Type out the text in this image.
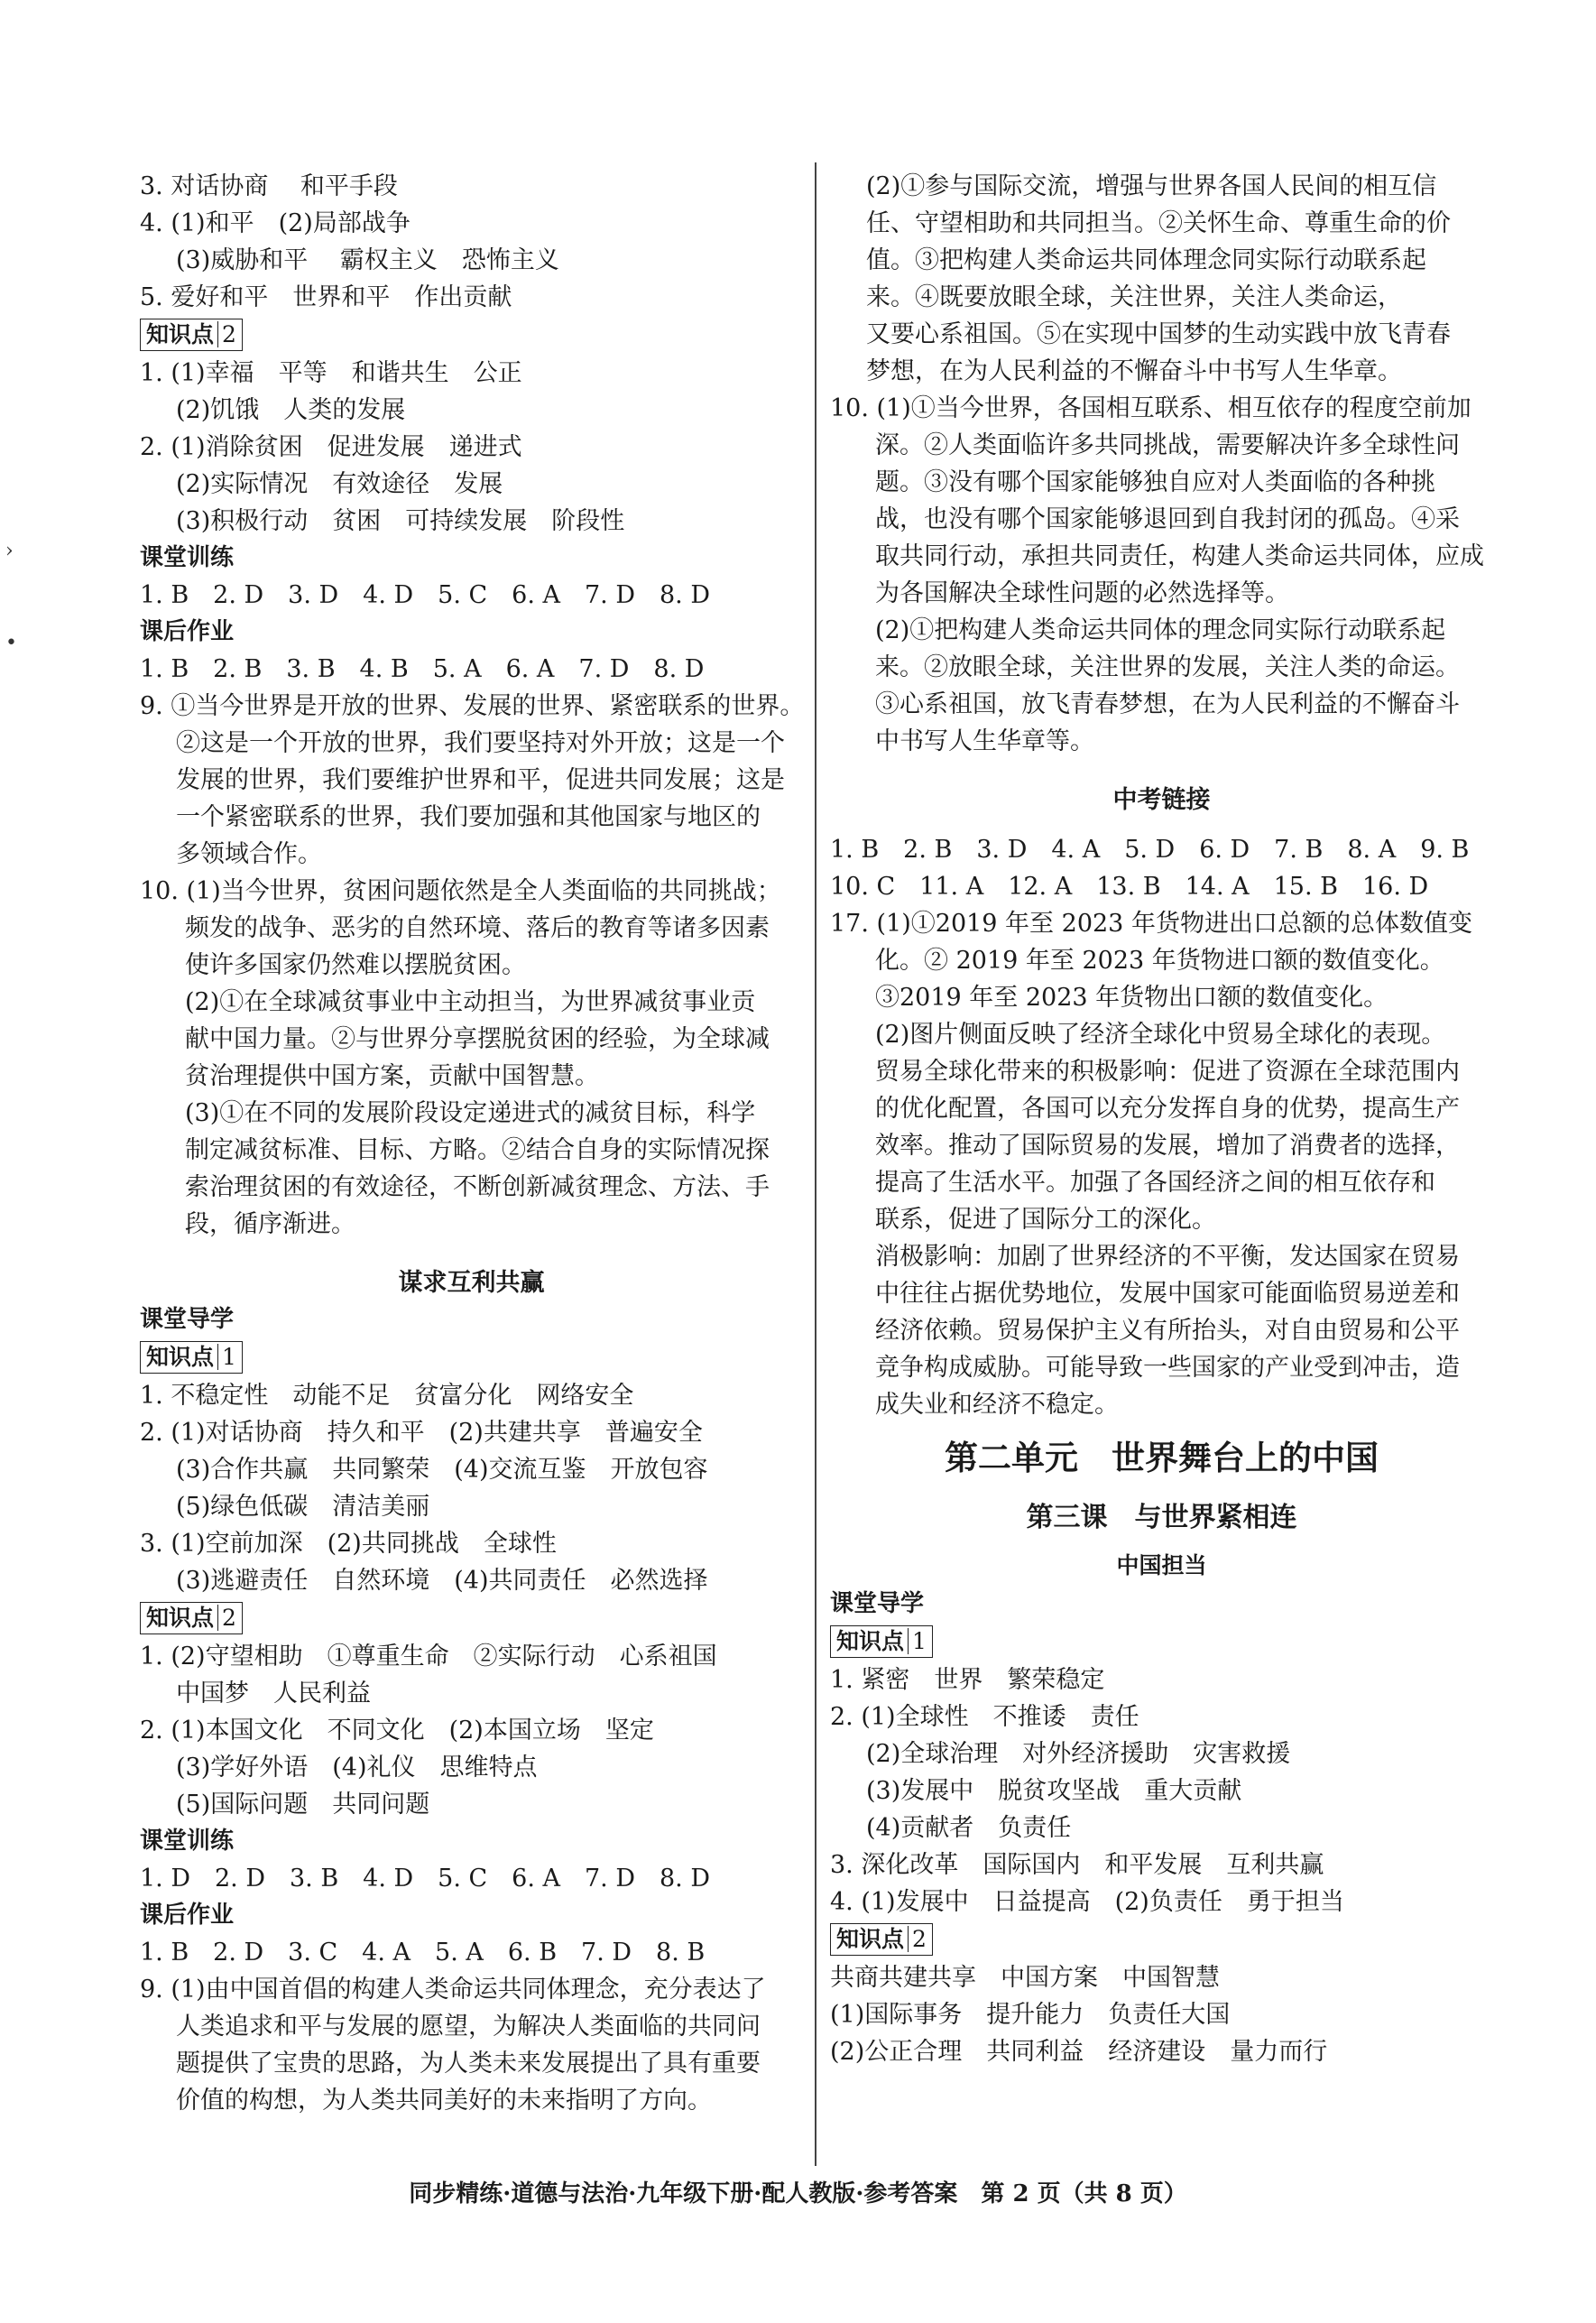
›
•
3. 对话协商　 和平手段
4. (1)和平　(2)局部战争
(3)威胁和平　 霸权主义　恐怖主义
5. 爱好和平　世界和平　作出贡献
知识点 2
1. (1)幸福　平等　和谐共生　公正
(2)饥饿　人类的发展
2. (1)消除贫困　促进发展　递进式
(2)实际情况　有效途径　发展
(3)积极行动　贫困　可持续发展　阶段性
课堂训练
1. B　2. D　3. D　4. D　5. C　6. A　7. D　8. D
课后作业
1. B　2. B　3. B　4. B　5. A　6. A　7. D　8. D
9. ①当今世界是开放的世界、发展的世界、紧密联系的世界。
②这是一个开放的世界，我们要坚持对外开放；这是一个
发展的世界，我们要维护世界和平，促进共同发展；这是
一个紧密联系的世界，我们要加强和其他国家与地区的
多领域合作。
10. (1)当今世界，贫困问题依然是全人类面临的共同挑战；
频发的战争、恶劣的自然环境、落后的教育等诸多因素
使许多国家仍然难以摆脱贫困。
(2)①在全球减贫事业中主动担当，为世界减贫事业贡
献中国力量。②与世界分享摆脱贫困的经验，为全球减
贫治理提供中国方案，贡献中国智慧。
(3)①在不同的发展阶段设定递进式的减贫目标，科学
制定减贫标准、目标、方略。②结合自身的实际情况探
索治理贫困的有效途径，不断创新减贫理念、方法、手
段，循序渐进。
谋求互利共赢
课堂导学
知识点 1
1. 不稳定性　动能不足　贫富分化　网络安全
2. (1)对话协商　持久和平　(2)共建共享　普遍安全
(3)合作共赢　共同繁荣　(4)交流互鉴　开放包容
(5)绿色低碳　清洁美丽
3. (1)空前加深　(2)共同挑战　全球性
(3)逃避责任　自然环境　(4)共同责任　必然选择
知识点 2
1. (2)守望相助　①尊重生命　②实际行动　心系祖国
中国梦　人民利益
2. (1)本国文化　不同文化　(2)本国立场　坚定
(3)学好外语　(4)礼仪　思维特点
(5)国际问题　共同问题
课堂训练
1. D　2. D　3. B　4. D　5. C　6. A　7. D　8. D
课后作业
1. B　2. D　3. C　4. A　5. A　6. B　7. D　8. B
9. (1)由中国首倡的构建人类命运共同体理念，充分表达了
人类追求和平与发展的愿望，为解决人类面临的共同问
题提供了宝贵的思路，为人类未来发展提出了具有重要
价值的构想，为人类共同美好的未来指明了方向。
(2)①参与国际交流，增强与世界各国人民间的相互信
任、守望相助和共同担当。②关怀生命、尊重生命的价
值。③把构建人类命运共同体理念同实际行动联系起
来。④既要放眼全球，关注世界，关注人类命运，
又要心系祖国。⑤在实现中国梦的生动实践中放飞青春
梦想，在为人民利益的不懈奋斗中书写人生华章。
10. (1)①当今世界，各国相互联系、相互依存的程度空前加
深。②人类面临许多共同挑战，需要解决许多全球性问
题。③没有哪个国家能够独自应对人类面临的各种挑
战，也没有哪个国家能够退回到自我封闭的孤岛。④采
取共同行动，承担共同责任，构建人类命运共同体，应成
为各国解决全球性问题的必然选择等。
(2)①把构建人类命运共同体的理念同实际行动联系起
来。②放眼全球，关注世界的发展，关注人类的命运。
③心系祖国，放飞青春梦想，在为人民利益的不懈奋斗
中书写人生华章等。
中考链接
1. B　2. B　3. D　4. A　5. D　6. D　7. B　8. A　9. B
10. C　11. A　12. A　13. B　14. A　15. B　16. D
17. (1)①2019 年至 2023 年货物进出口总额的总体数值变
化。② 2019 年至 2023 年货物进口额的数值变化。
③2019 年至 2023 年货物出口额的数值变化。
(2)图片侧面反映了经济全球化中贸易全球化的表现。
贸易全球化带来的积极影响：促进了资源在全球范围内
的优化配置，各国可以充分发挥自身的优势，提高生产
效率。推动了国际贸易的发展，增加了消费者的选择，
提高了生活水平。加强了各国经济之间的相互依存和
联系，促进了国际分工的深化。
消极影响：加剧了世界经济的不平衡，发达国家在贸易
中往往占据优势地位，发展中国家可能面临贸易逆差和
经济依赖。贸易保护主义有所抬头，对自由贸易和公平
竞争构成威胁。可能导致一些国家的产业受到冲击，造
成失业和经济不稳定。
第二单元　世界舞台上的中国
第三课　与世界紧相连
中国担当
课堂导学
知识点 1
1. 紧密　世界　繁荣稳定
2. (1)全球性　不推诿　责任
(2)全球治理　对外经济援助　灾害救援
(3)发展中　脱贫攻坚战　重大贡献
(4)贡献者　负责任
3. 深化改革　国际国内　和平发展　互利共赢
4. (1)发展中　日益提高　(2)负责任　勇于担当
知识点 2
共商共建共享　中国方案　中国智慧
(1)国际事务　提升能力　负责任大国
(2)公正合理　共同利益　经济建设　量力而行
同步精练·道德与法治·九年级下册·配人教版·参考答案　第 2 页（共 8 页）
